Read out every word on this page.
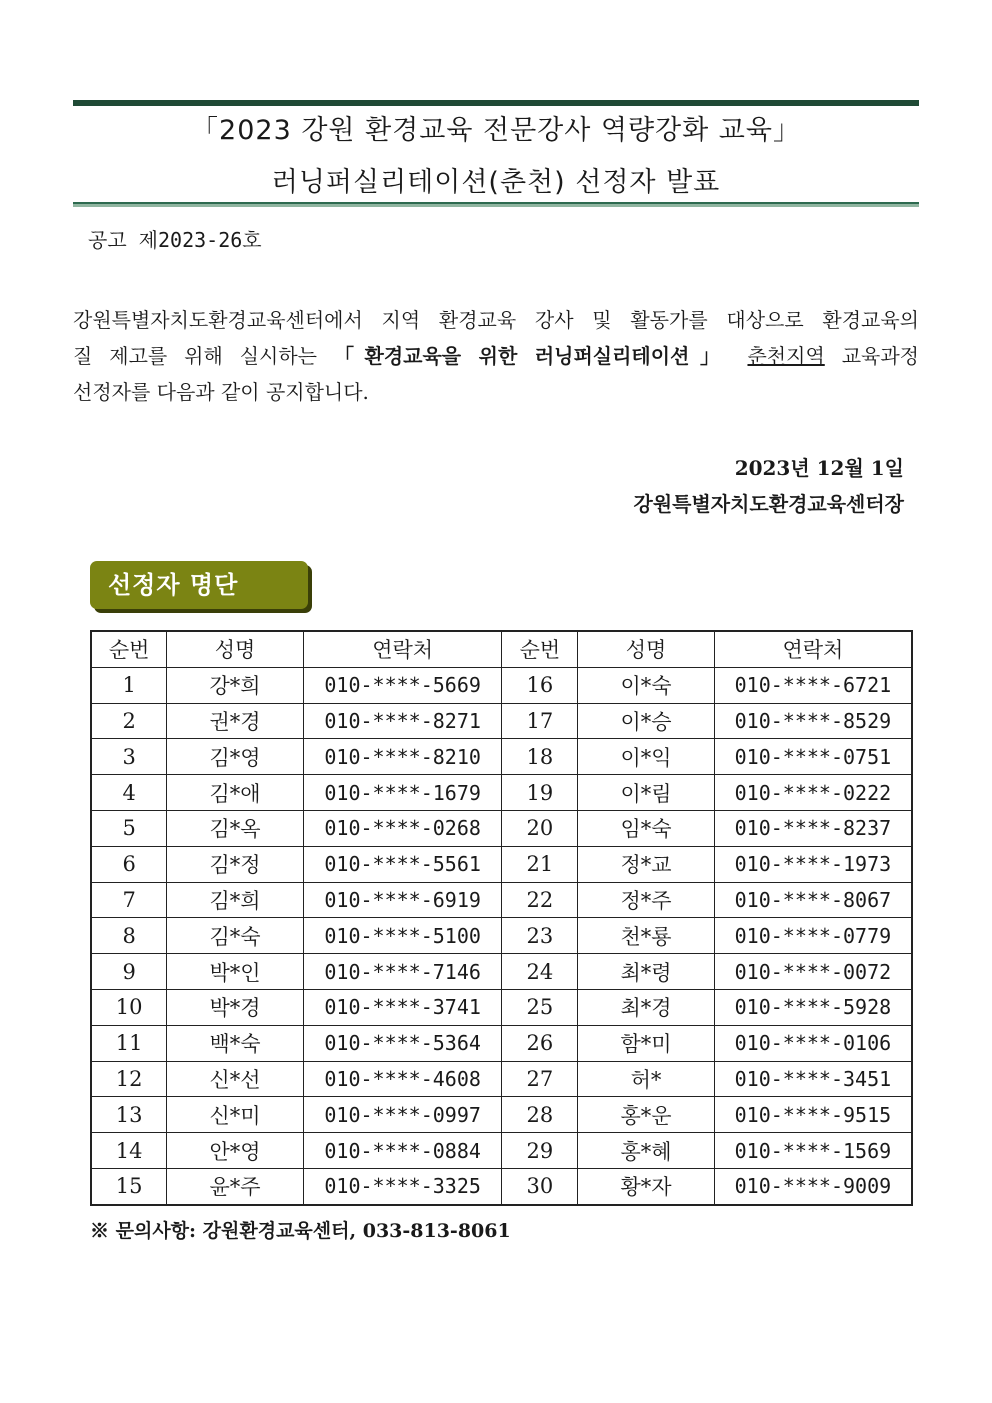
「2023 강원 환경교육 전문강사 역량강화 교육」
러닝퍼실리테이션(춘천) 선정자 발표
공고 제2023-26호

강원특별자치도환경교육센터에서 지역 환경교육 강사 및 활동가를 대상으로 환경교육의

질 제고를 위해 실시하는 「환경교육을 위한 러닝퍼실리테이션」 춘천지역 교육과정

선정자를 다음과 같이 공지합니다.

2023년 12월 1일
강원특별자치도환경교육센터장
선정자 명단
순번	성명	연락처	순번	성명	연락처
1	강*희	010-****-5669	16	이*숙	010-****-6721
2	권*경	010-****-8271	17	이*승	010-****-8529
3	김*영	010-****-8210	18	이*익	010-****-0751
4	김*애	010-****-1679	19	이*림	010-****-0222
5	김*옥	010-****-0268	20	임*숙	010-****-8237
6	김*정	010-****-5561	21	정*교	010-****-1973
7	김*희	010-****-6919	22	정*주	010-****-8067
8	김*숙	010-****-5100	23	천*룡	010-****-0779
9	박*인	010-****-7146	24	최*령	010-****-0072
10	박*경	010-****-3741	25	최*경	010-****-5928
11	백*숙	010-****-5364	26	함*미	010-****-0106
12	신*선	010-****-4608	27	허*	010-****-3451
13	신*미	010-****-0997	28	홍*운	010-****-9515
14	안*영	010-****-0884	29	홍*혜	010-****-1569
15	윤*주	010-****-3325	30	황*자	010-****-9009
※ 문의사항: 강원환경교육센터, 033-813-8061
